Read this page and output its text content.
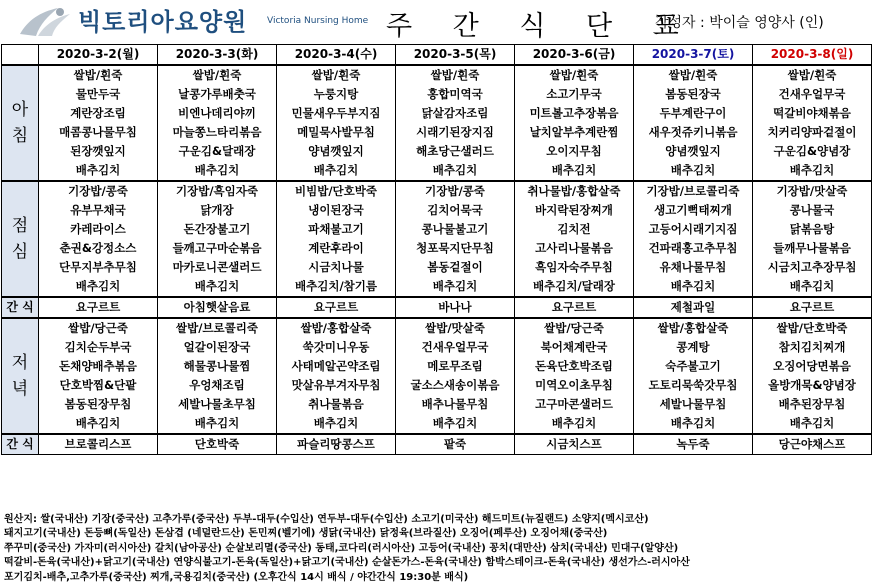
빅토리아요양원 Victoria Nursing Home 주 간 식 단 표
작성자 : 박이슬 영양사 (인)
	2020-3-2(월)	2020-3-3(화)	2020-3-4(수)	2020-3-5(목)	2020-3-6(금)	2020-3-7(토)	2020-3-8(일)
아 침	쌀밥/흰죽	쌀밥/흰죽	쌀밥/흰죽	쌀밥/흰죽	쌀밥/흰죽	쌀밥/흰죽	쌀밥/흰죽
	물만두국	날콩가루배춧국	누룽지탕	홍합미역국	소고기무국	봄동된장국	건새우얼무국
	계란장조림	비엔나데리야끼	민물새우두부지짐	닭살감자조림	미트볼고추장볶음	두부계란구이	떡갈비야채볶음
	매콤콩나물무침	마늘쫑느타리볶음	메밀묵사발무침	시래기된장지짐	날치알부추계란찜	새우젓쥬키니볶음	치커리양파겉절이
	된장깻잎지	구운김&달래장	양념깻잎지	해초당근샐러드	오이지무침	양념깻잎지	구운김&양념장
	배추김치	배추김치	배추김치	배추김치	배추김치	배추김치	배추김치
점 심	기장밥/콩죽	기장밥/흑임자죽	비빔밥/단호박죽	기장밥/콩죽	취나물밥/홍합살죽	기장밥/브로콜리죽	기장밥/맛살죽
	유부무채국	닭개장	냉이된장국	김치어묵국	바지락된장찌개	생고기뻑태찌개	콩나물국
	카레라이스	돈간장불고기	파채불고기	콩나물불고기	김치전	고등어시래기지짐	닭볶음탕
	춘권&강정소스	들깨고구마순볶음	계란후라이	청포묵지단무침	고사리나물볶음	건파래홍고추무침	들깨무나물볶음
	단무지부추무침	마카로니콘샐러드	시금치나물	봄동겉절이	흑임자숙주무침	유채나물무침	시금치고추장무침
	배추김치	배추김치	배추김치/참기름	배추김치	배추김치/달래장	배추김치	배추김치
간 식	요구르트	아침햇살음료	요구르트	바나나	요구르트	제철과일	요구르트
저 녁	쌀밥/당근죽	쌀밥/브로콜리죽	쌀밥/홍합살죽	쌀밥/맛살죽	쌀밥/당근죽	쌀밥/홍합살죽	쌀밥/단호박죽
	김치순두부국	얼갈이된장국	쑥갓미니우동	건새우얼무국	북어채계란국	콩계탕	참치김치찌개
	돈채양배추볶음	해물콩나물찜	사태메알곤약조림	메로무조림	돈육단호박조림	숙주불고기	오징어당면볶음
	단호박찜&단팥	우엉채조림	맛살유부겨자무침	굴소스새송이볶음	미역오이초무침	도토리묵쑥갓무침	올방개묵&양념장
	봄동된장무침	세발나물초무침	취나물볶음	배추나물무침	고구마콘샐러드	세발나물무침	배추된장무침
	배추김치	배추김치	배추김치	배추김치	배추김치	배추김치	배추김치
간 식	브로콜리스프	단호박죽	파슬리땅콩스프	팥죽	시금치스프	녹두죽	당근야채스프
원산지: 쌀(국내산) 기장(중국산) 고추가루(중국산) 두부-대두(수입산) 연두부-대두(수입산) 소고기(미국산) 해드미트(뉴질랜드) 소양지(멕시코산)
돼지고기(국내산) 돈등뼈(독일산) 돈삼겹 (네덜란드산) 돈민찌(벨기에) 생닭(국내산) 닭정육(브라질산) 오징어(페루산) 오징어채(중국산)
쭈꾸미(중국산) 가자미(러시아산) 갈치(남아공산) 순살보리멸(중국산) 동태,코다리(러시아산) 고등어(국내산) 꽁치(대만산) 삼치(국내산) 민대구(알양산)
떡갈비-돈육(국내산)+닭고기(국내산) 연양식불고기-돈육(독일산)+닭고기(국내산) 순살돈가스-돈육(국내산) 함박스테이크-돈육(국내산) 생선가스-러시아산
포기김치-배추,고추가루(중국산) 찌개,국용김치(중국산) (오후간식 14시 배식 / 야간간식 19:30분 배식)
